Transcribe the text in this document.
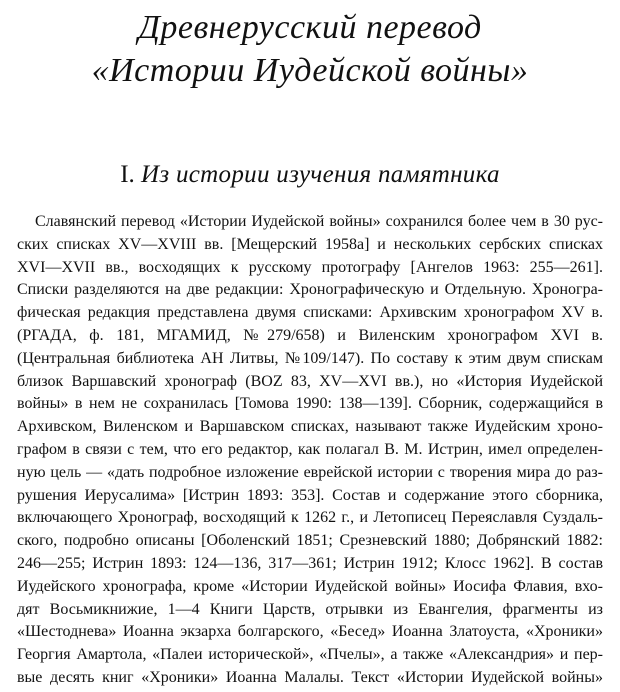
Древнерусский перевод
«Истории Иудейской войны»
I. Из истории изучения памятника
Славянский перевод «Истории Иудейской войны» сохранился более чем в 30 рус-
ских списках XV—XVIII вв. [Мещерский 1958а] и нескольких сербских списках
XVI—XVII вв., восходящих к русскому протографу [Ангелов 1963: 255—261].
Списки разделяются на две редакции: Хронографическую и Отдельную. Хроногра-
фическая редакция представлена двумя списками: Архивским хронографом XV в.
(РГАДА, ф. 181, МГАМИД, №279/658) и Виленским хронографом XVI в.
(Центральная библиотека АН Литвы, №109/147). По составу к этим двум спискам
близок Варшавский хронограф (BOZ 83, XV—XVI вв.), но «История Иудейской
войны» в нем не сохранилась [Томова 1990: 138—139]. Сборник, содержащийся в
Архивском, Виленском и Варшавском списках, называют также Иудейским хроно-
графом в связи с тем, что его редактор, как полагал В. М. Истрин, имел определен-
ную цель — «дать подробное изложение еврейской истории с творения мира до раз-
рушения Иерусалима» [Истрин 1893: 353]. Состав и содержание этого сборника,
включающего Хронограф, восходящий к 1262 г., и Летописец Переяславля Суздаль-
ского, подробно описаны [Оболенский 1851; Срезневский 1880; Добрянский 1882:
246—255; Истрин 1893: 124—136, 317—361; Истрин 1912; Клосс 1962]. В состав
Иудейского хронографа, кроме «Истории Иудейской войны» Иосифа Флавия, вхо-
дят Восьмикнижие, 1—4 Книги Царств, отрывки из Евангелия, фрагменты из
«Шестоднева» Иоанна экзарха болгарского, «Бесед» Иоанна Златоуста, «Хроники»
Георгия Амартола, «Палеи исторической», «Пчелы», а также «Александрия» и пер-
вые десять книг «Хроники» Иоанна Малалы. Текст «Истории Иудейской войны»
